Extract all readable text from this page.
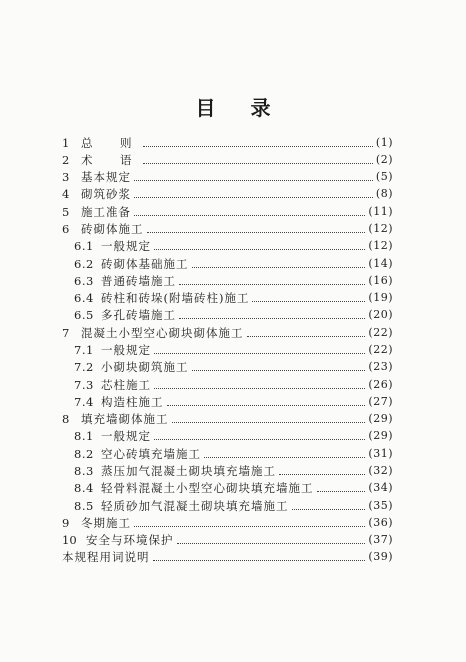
目 录
1	总　则	(1)
2	术　语	(2)
3	基本规定	(5)
4	砌筑砂浆	(8)
5	施工准备	(11)
6	砖砌体施工	(12)
6.1 一般规定	(12)
6.2 砖砌体基础施工	(14)
6.3 普通砖墙施工	(16)
6.4 砖柱和砖垛(附墙砖柱)施工	(19)
6.5 多孔砖墙施工	(20)
7	混凝土小型空心砌块砌体施工	(22)
7.1 一般规定	(22)
7.2 小砌块砌筑施工	(23)
7.3 芯柱施工	(26)
7.4 构造柱施工	(27)
8	填充墙砌体施工	(29)
8.1 一般规定	(29)
8.2 空心砖填充墙施工	(31)
8.3 蒸压加气混凝土砌块填充墙施工	(32)
8.4 轻骨料混凝土小型空心砌块填充墙施工	(34)
8.5 轻质砂加气混凝土砌块填充墙施工	(35)
9	冬期施工	(36)
10 安全与环境保护	(37)
本规程用词说明	(39)
